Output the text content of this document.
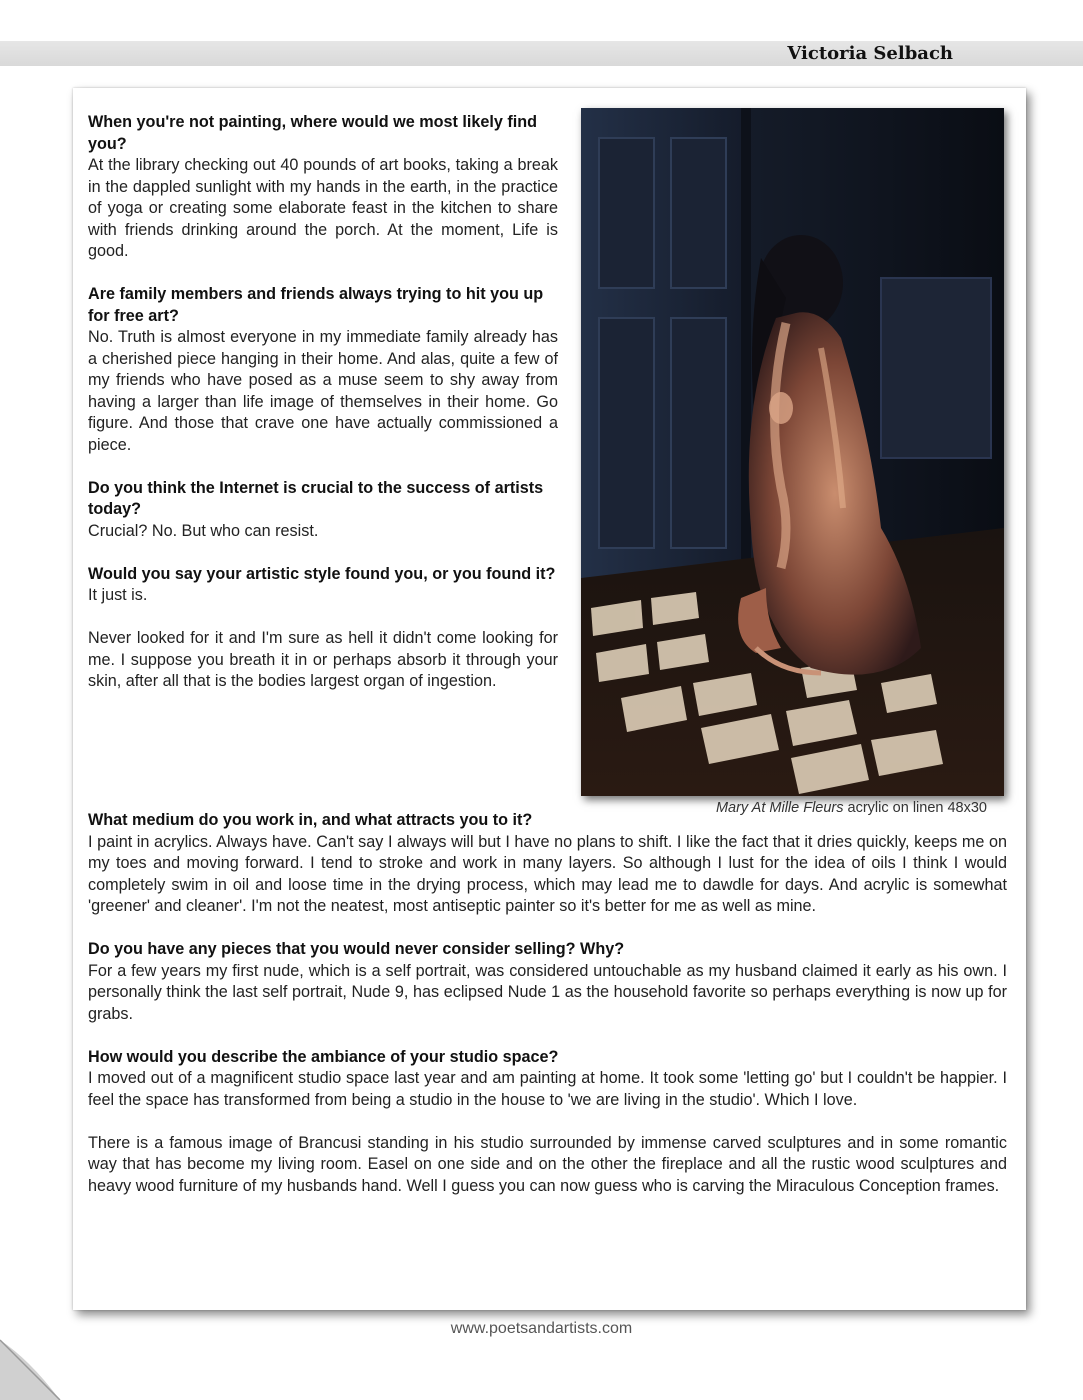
Victoria Selbach
When you're not painting, where would we most likely find you?

At the library checking out 40 pounds of art books, taking a break in the dappled sunlight with my hands in the earth, in the practice of yoga or creating some elaborate feast in the kitchen to share with friends drinking around the porch. At the moment, Life is good.

Are family members and friends always trying to hit you up for free art?

No. Truth is almost everyone in my immediate family already has a cherished piece hanging in their home. And alas, quite a few of my friends who have posed as a muse seem to shy away from having a larger than life image of themselves in their home. Go figure. And those that crave one have actually commissioned a piece.

Do you think the Internet is crucial to the success of artists today?

Crucial? No. But who can resist.

Would you say your artistic style found you, or you found it?

It just is.

Never looked for it and I'm sure as hell it didn't come looking for me. I suppose you breath it in or perhaps absorb it through your skin, after all that is the bodies largest organ of ingestion.

Mary At Mille Fleurs acrylic on linen 48x30
What medium do you work in, and what attracts you to it?

I paint in acrylics. Always have. Can't say I always will but I have no plans to shift. I like the fact that it dries quickly, keeps me on my toes and moving forward. I tend to stroke and work in many layers. So although I lust for the idea of oils I think I would completely swim in oil and loose time in the drying process, which may lead me to dawdle for days. And acrylic is somewhat 'greener' and cleaner'. I'm not the neatest, most antiseptic painter so it's better for me as well as mine.

Do you have any pieces that you would never consider selling? Why?

For a few years my first nude, which is a self portrait, was considered untouchable as my husband claimed it early as his own. I personally think the last self portrait, Nude 9, has eclipsed Nude 1 as the household favorite so perhaps everything is now up for grabs.

How would you describe the ambiance of your studio space?

I moved out of a magnificent studio space last year and am painting at home. It took some 'letting go' but I couldn't be happier. I feel the space has transformed from being a studio in the house to 'we are living in the studio'. Which I love.

There is a famous image of Brancusi standing in his studio surrounded by immense carved sculptures and in some romantic way that has become my living room. Easel on one side and on the other the fireplace and all the rustic wood sculptures and heavy wood furniture of my husbands hand. Well I guess you can now guess who is carving the Miraculous Conception frames.

www.poetsandartists.com
